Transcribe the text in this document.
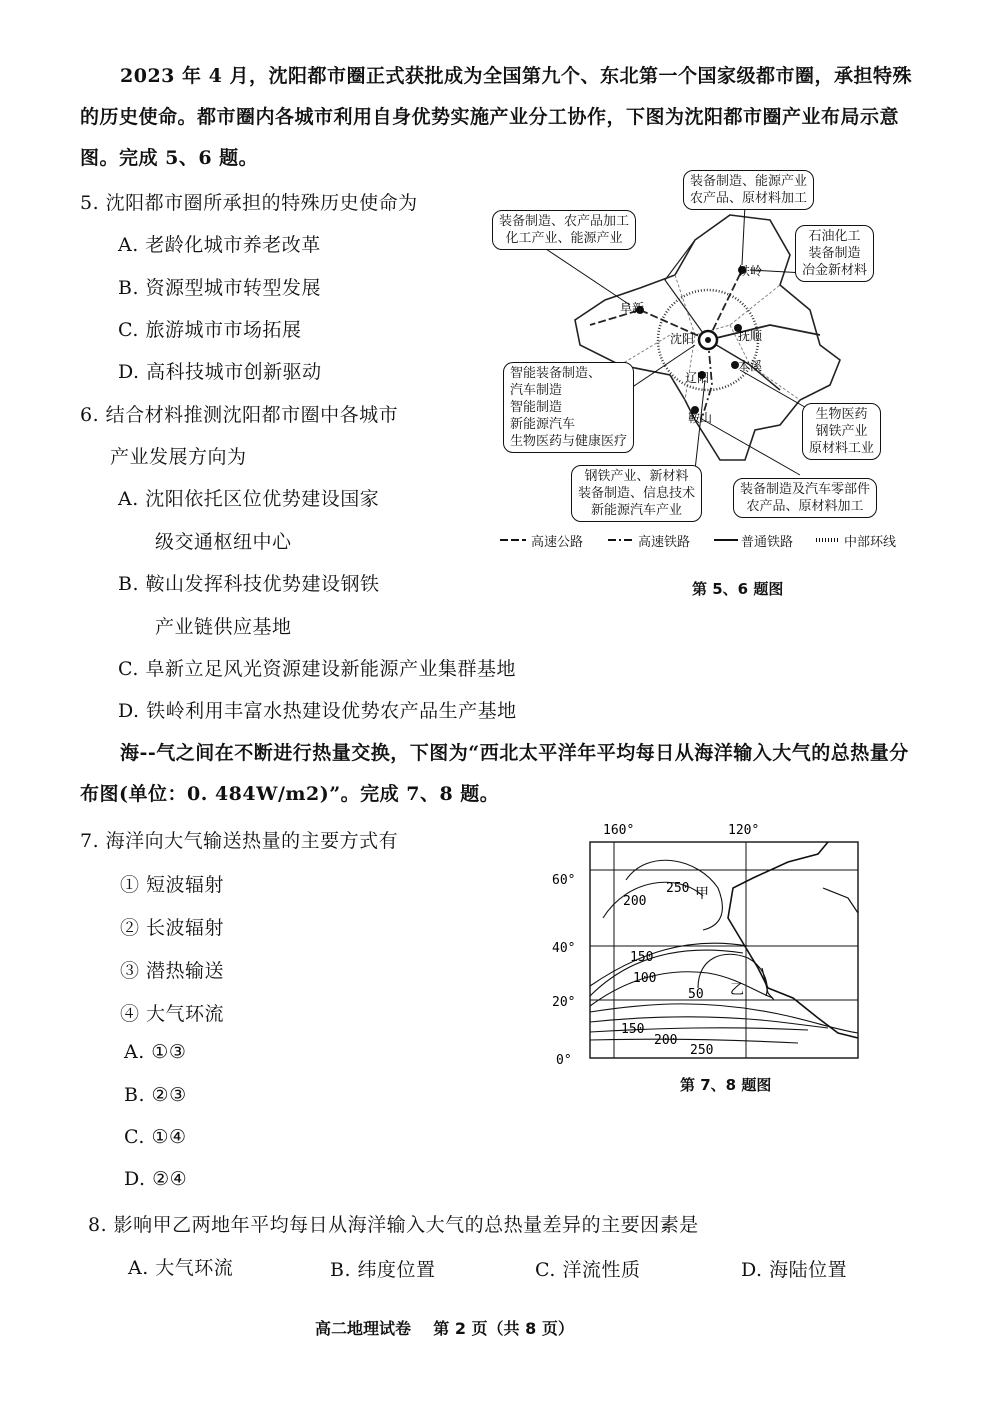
2023 年 4 月，沈阳都市圈正式获批成为全国第九个、东北第一个国家级都市圈，承担特殊的历史使命。都市圈内各城市利用自身优势实施产业分工协作，下图为沈阳都市圈产业布局示意图。完成 5、6 题。
5. 沈阳都市圈所承担的特殊历史使命为
A. 老龄化城市养老改革
B. 资源型城市转型发展
C. 旅游城市市场拓展
D. 高科技城市创新驱动
6. 结合材料推测沈阳都市圈中各城市
产业发展方向为
A. 沈阳依托区位优势建设国家
级交通枢纽中心
B. 鞍山发挥科技优势建设钢铁
产业链供应基地
C. 阜新立足风光资源建设新能源产业集群基地
D. 铁岭利用丰富水热建设优势农产品生产基地
铁岭
阜新
沈阳	抚顺
本溪
辽阳
鞍山
装备制造、能源产业
农产品、原材料加工
装备制造、农产品加工
化工产业、能源产业	石油化工
装备制造
冶金新材料
智能装备制造、
汽车制造
智能制造
新能源汽车
生物医药与健康医疗
生物医药
钢铁产业
原材料工业
钢铁产业、新材料
装备制造、信息技术
新能源汽车产业
装备制造及汽车零部件
农产品、原材料加工
高速公路	高速铁路	普通铁路	中部环线
第 5、6 题图
海--气之间在不断进行热量交换，下图为“西北太平洋年平均每日从海洋输入大气的总热量分布图(单位：0. 484W/m2)”。完成 7、8 题。
7. 海洋向大气输送热量的主要方式有
① 短波辐射
② 长波辐射
③ 潜热输送
④ 大气环流
A. ①③
B. ②③
C. ①④
D. ②④
160°	120°
60°
40°
20°
0°
250
200
150
100
50
150
200
250
甲
乙
第 7、8 题图
8. 影响甲乙两地年平均每日从海洋输入大气的总热量差异的主要因素是
A. 大气环流	B. 纬度位置	C. 洋流性质	D. 海陆位置
高二地理试卷    第 2 页（共 8 页）
